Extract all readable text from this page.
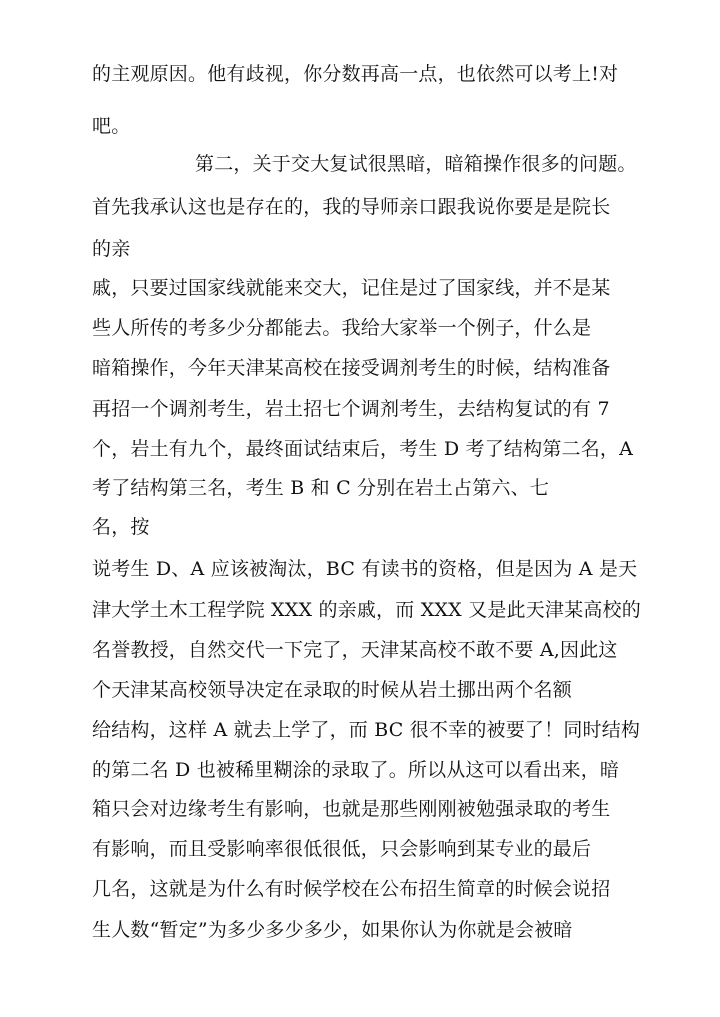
的主观原因。他有歧视，你分数再高一点，也依然可以考上!对
吧。
第二，关于交大复试很黑暗，暗箱操作很多的问题。
首先我承认这也是存在的，我的导师亲口跟我说你要是是院长
的亲
戚，只要过国家线就能来交大，记住是过了国家线，并不是某
些人所传的考多少分都能去。我给大家举一个例子，什么是
暗箱操作，今年天津某高校在接受调剂考生的时候，结构准备
再招一个调剂考生，岩土招七个调剂考生，去结构复试的有 7
个，岩土有九个，最终面试结束后，考生 D 考了结构第二名，A
考了结构第三名，考生 B 和 C 分别在岩土占第六、七
名，按
说考生 D、A 应该被淘汰，BC 有读书的资格，但是因为 A 是天
津大学土木工程学院 XXX 的亲戚，而 XXX 又是此天津某高校的
名誉教授，自然交代一下完了，天津某高校不敢不要 A,因此这
个天津某高校领导决定在录取的时候从岩土挪出两个名额
给结构，这样 A 就去上学了，而 BC 很不幸的被要了！同时结构
的第二名 D 也被稀里糊涂的录取了。所以从这可以看出来，暗
箱只会对边缘考生有影响，也就是那些刚刚被勉强录取的考生
有影响，而且受影响率很低很低，只会影响到某专业的最后
几名，这就是为什么有时候学校在公布招生简章的时候会说招
生人数“暂定”为多少多少多少，如果你认为你就是会被暗
